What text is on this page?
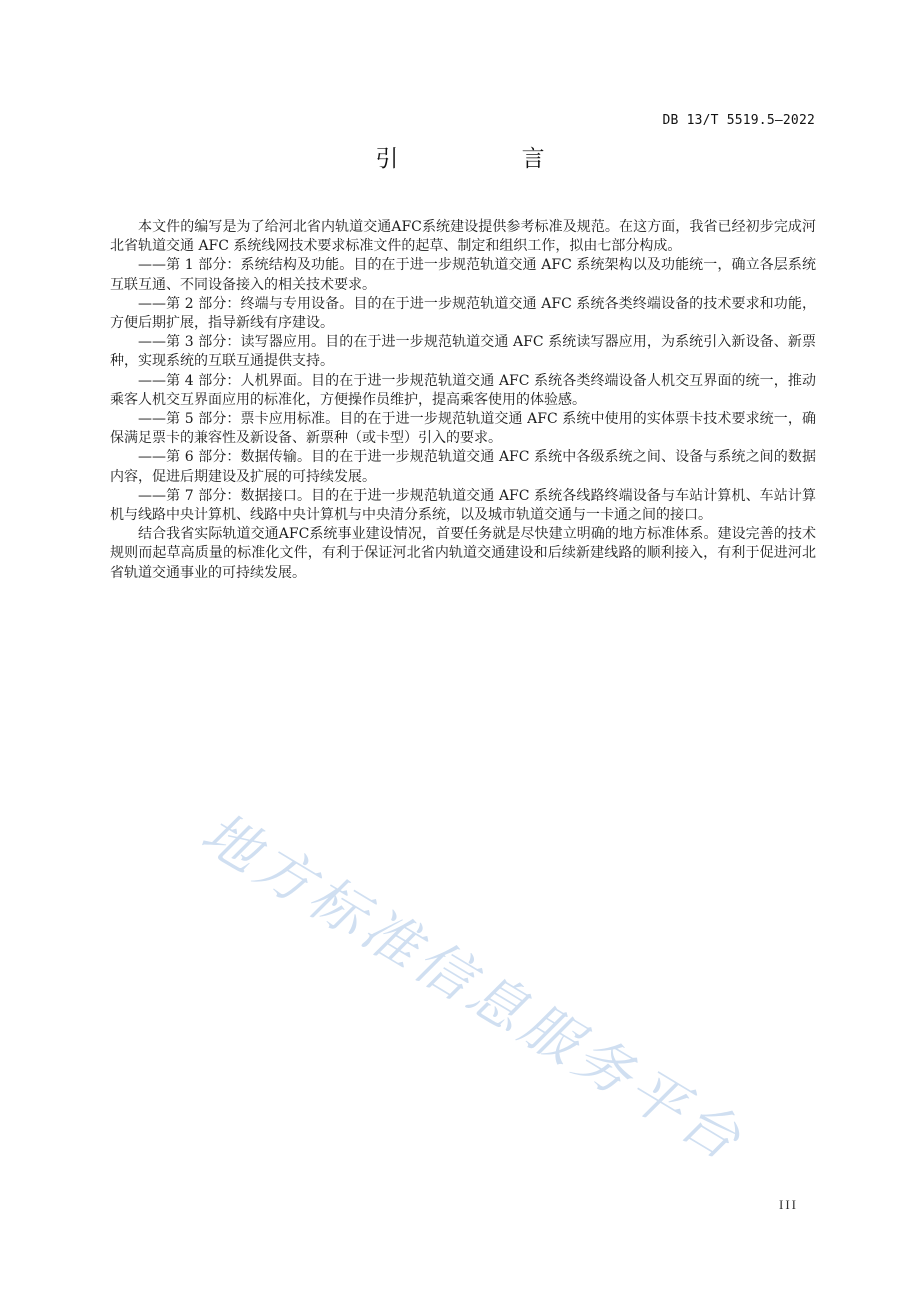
DB 13/T 5519.5—2022
引 言

本文件的编写是为了给河北省内轨道交通AFC系统建设提供参考标准及规范。在这方面，我省已经初步完成河北省轨道交通 AFC 系统线网技术要求标准文件的起草、制定和组织工作，拟由七部分构成。

——第 1 部分：系统结构及功能。目的在于进一步规范轨道交通 AFC 系统架构以及功能统一，确立各层系统互联互通、不同设备接入的相关技术要求。

——第 2 部分：终端与专用设备。目的在于进一步规范轨道交通 AFC 系统各类终端设备的技术要求和功能，方便后期扩展，指导新线有序建设。

——第 3 部分：读写器应用。目的在于进一步规范轨道交通 AFC 系统读写器应用，为系统引入新设备、新票种，实现系统的互联互通提供支持。

——第 4 部分：人机界面。目的在于进一步规范轨道交通 AFC 系统各类终端设备人机交互界面的统一，推动乘客人机交互界面应用的标准化，方便操作员维护，提高乘客使用的体验感。

——第 5 部分：票卡应用标准。目的在于进一步规范轨道交通 AFC 系统中使用的实体票卡技术要求统一，确保满足票卡的兼容性及新设备、新票种（或卡型）引入的要求。

——第 6 部分：数据传输。目的在于进一步规范轨道交通 AFC 系统中各级系统之间、设备与系统之间的数据内容，促进后期建设及扩展的可持续发展。

——第 7 部分：数据接口。目的在于进一步规范轨道交通 AFC 系统各线路终端设备与车站计算机、车站计算机与线路中央计算机、线路中央计算机与中央清分系统，以及城市轨道交通与一卡通之间的接口。

结合我省实际轨道交通AFC系统事业建设情况，首要任务就是尽快建立明确的地方标准体系。建设完善的技术规则而起草高质量的标准化文件，有利于保证河北省内轨道交通建设和后续新建线路的顺利接入，有利于促进河北省轨道交通事业的可持续发展。

地方标准信息服务平台
III
